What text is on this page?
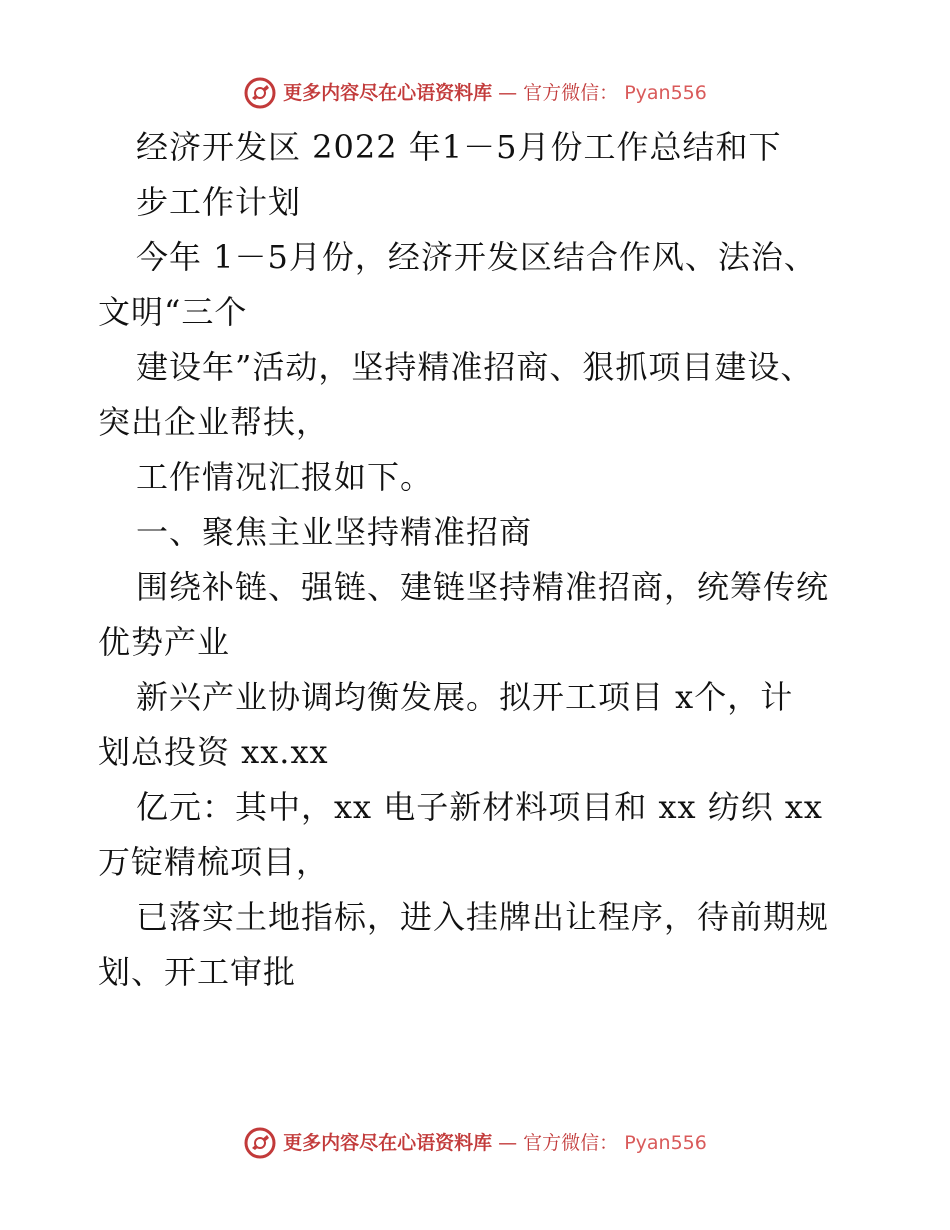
更多内容尽在心语资料库 — 官方微信： Pyan556

经济开发区 2022 年1－5月份工作总结和下

步工作计划

今年 1－5月份，经济开发区结合作风、法治、

文明“三个

建设年”活动，坚持精准招商、狠抓项目建设、

突出企业帮扶，

工作情况汇报如下。

一、聚焦主业坚持精准招商

围绕补链、强链、建链坚持精准招商，统筹传统

优势产业

新兴产业协调均衡发展。拟开工项目 x个，计

划总投资 xx.xx

亿元：其中，xx 电子新材料项目和 xx 纺织 xx

万锭精梳项目，

已落实土地指标，进入挂牌出让程序，待前期规

划、开工审批

更多内容尽在心语资料库 — 官方微信： Pyan556
